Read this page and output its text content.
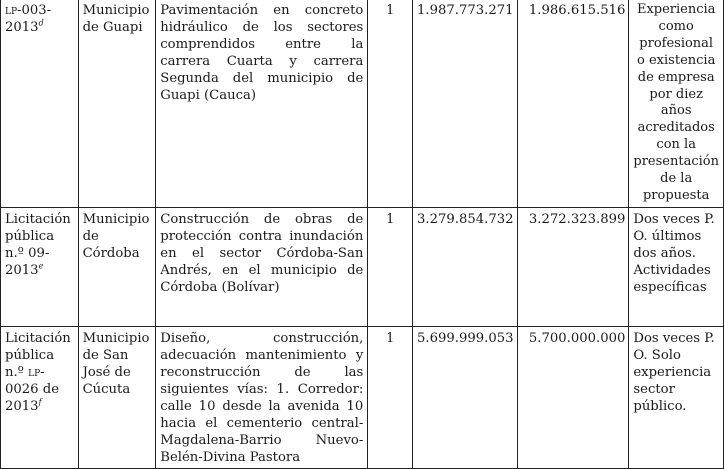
lp-003-2013$^d$	Municipio de Guapi	Pavimentación en concreto hidráulico de los sectores comprendidos entre la carrera Cuarta y carrera Segunda del municipio de Guapi (Cauca)	1	1.987.773.271	1.986.615.516	Experiencia como profesional o existencia de empresa por diez años acreditados con la presentación de la propuesta
Licitación pública n.º 09-2013e	Municipio de Córdoba	Construcción de obras de protección contra inundación en el sector Córdoba-San Andrés, en el municipio de Córdoba (Bolívar)	1	3.279.854.732	3.272.323.899	Dos veces P. O. últimos dos años. Actividades específicas
Licitación pública n.º lp-0026 de 2013$^f$	Municipio de San José de Cúcuta	Diseño, construcción, adecuación mantenimiento y reconstrucción de las siguientes vías: 1. Corredor: calle 10 desde la avenida 10 hacia el cementerio central-Magdalena-Barrio Nuevo-Belén-Divina Pastora	1	5.699.999.053	5.700.000.000	Dos veces P. O. Solo experiencia sector público.
